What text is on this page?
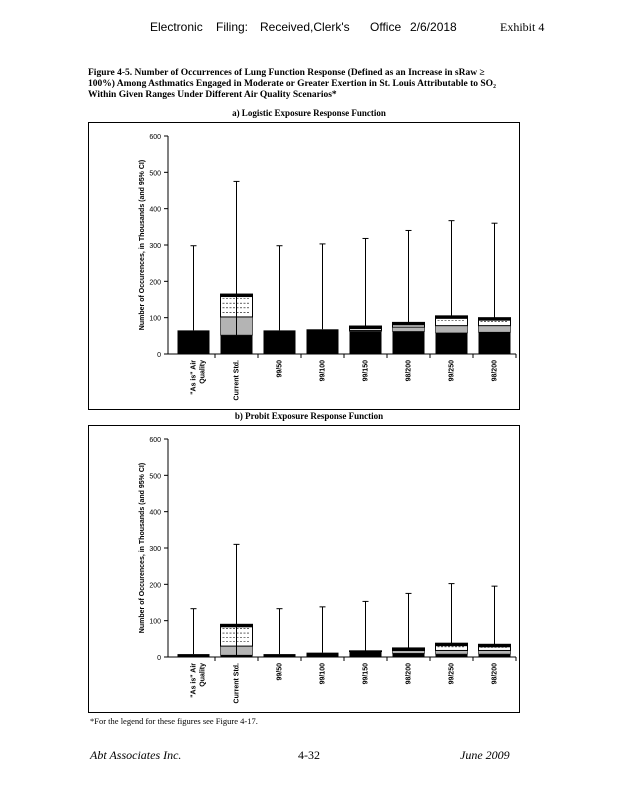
Electronic Filing: Received,Clerk's Office 2/6/2018	Exhibit 4
Figure 4-5. Number of Occurrences of Lung Function Response (Defined as an Increase in sRaw ≥
100%) Among Asthmatics Engaged in Moderate or Greater Exertion in St. Louis Attributable to SO₂
Within Given Ranges Under Different Air Quality Scenarios*
a) Logistic Exposure Response Function
0
100
200
300
400
500
600
Number of Occurences, in Thousands (and 95% CI)
"As is" Air Quality	Current Std.	99/50	99/100	99/150	98/200	99/250	98/200
b) Probit Exposure Response Function
0
100
200
300
400
500
600
Number of Occurences, in Thousands (and 95% CI)
"As is" Air Quality	Current Std.	99/50	99/100	99/150	98/200	99/250	98/200
*For the legend for these figures see Figure 4-17.
Abt Associates Inc.	4-32	June 2009
